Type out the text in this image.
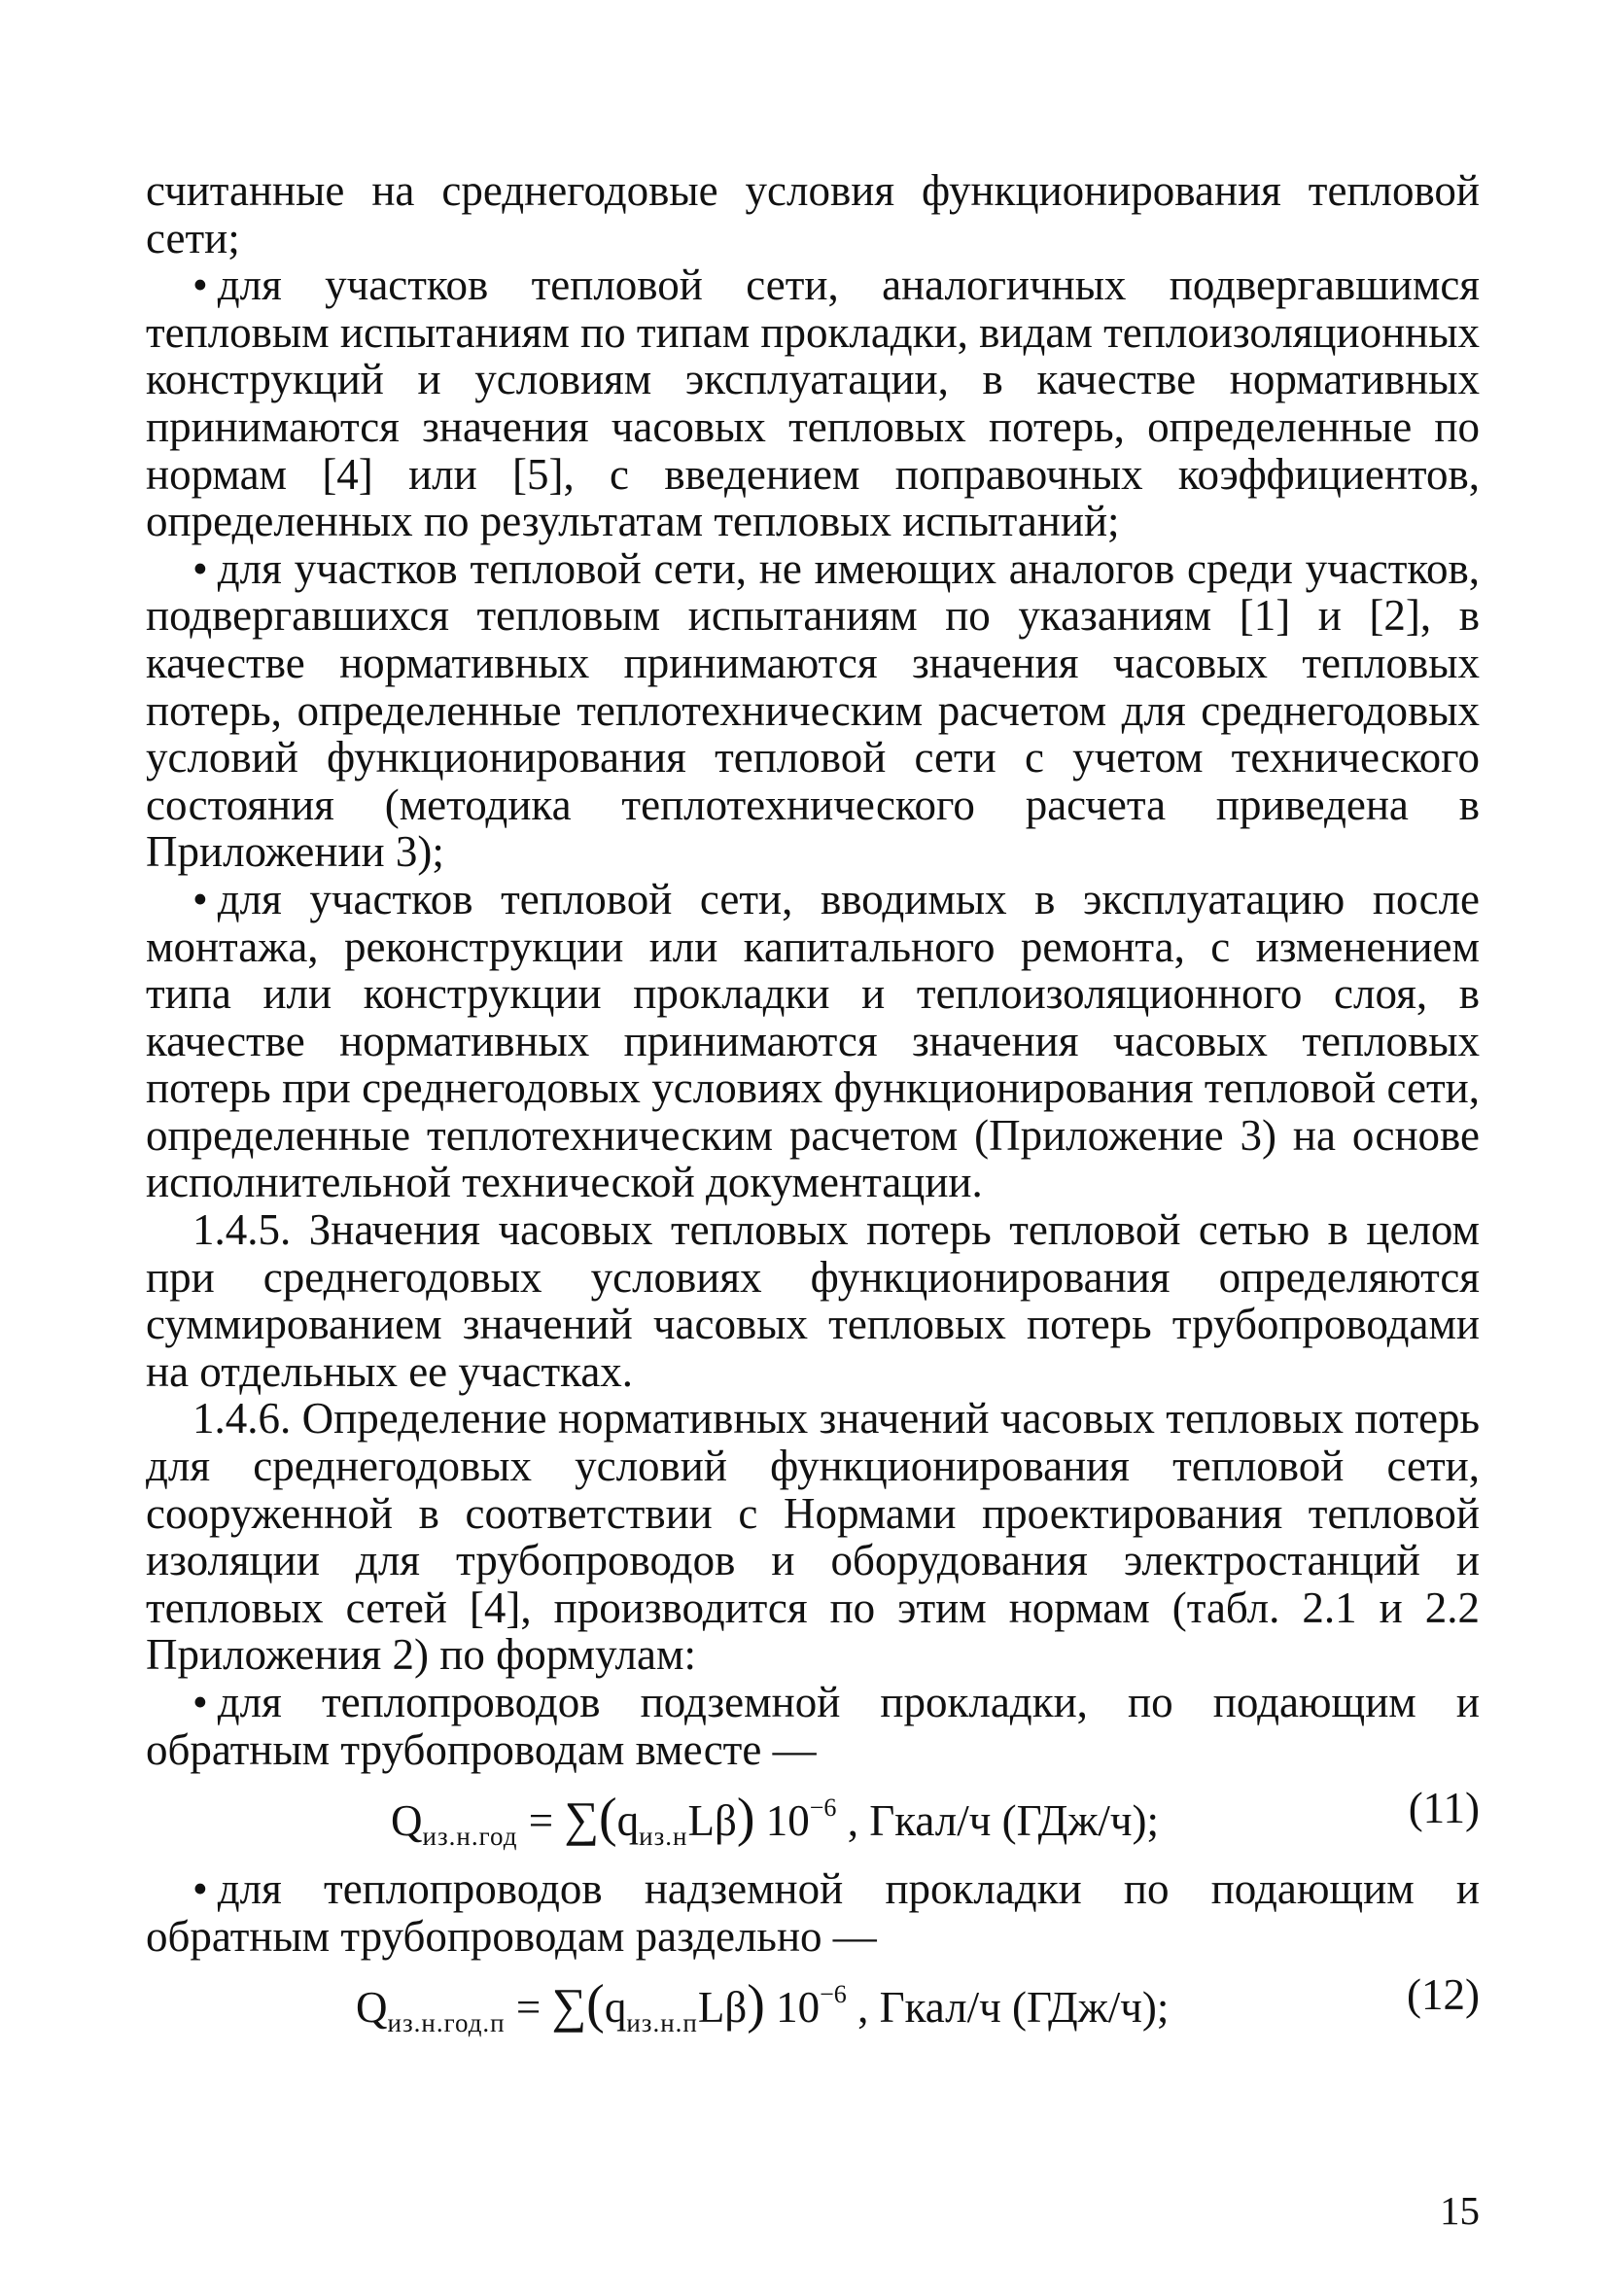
считанные на среднегодовые условия функционирования тепловой сети;

• для участков тепловой сети, аналогичных подвергавшимся тепловым испытаниям по типам прокладки, видам теплоизоляционных конструкций и условиям эксплуатации, в качестве нормативных принимаются значения часовых тепловых потерь, определенные по нормам [4] или [5], с введением поправочных коэффициентов, определенных по результатам тепловых испытаний;

• для участков тепловой сети, не имеющих аналогов среди участков, подвергавшихся тепловым испытаниям по указаниям [1] и [2], в качестве нормативных принимаются значения часовых тепловых потерь, определенные теплотехническим расчетом для среднегодовых условий функционирования тепловой сети с учетом технического состояния (методика теплотехнического расчета приведена в Приложении 3);

• для участков тепловой сети, вводимых в эксплуатацию после монтажа, реконструкции или капитального ремонта, с изменением типа или конструкции прокладки и теплоизоляционного слоя, в качестве нормативных принимаются значения часовых тепловых потерь при среднегодовых условиях функционирования тепловой сети, определенные теплотехническим расчетом (Приложение 3) на основе исполнительной технической документации.

1.4.5. Значения часовых тепловых потерь тепловой сетью в целом при среднегодовых условиях функционирования определяются суммированием значений часовых тепловых потерь трубопроводами на отдельных ее участках.

1.4.6. Определение нормативных значений часовых тепловых потерь для среднегодовых условий функционирования тепловой сети, сооруженной в соответствии с Нормами проектирования тепловой изоляции для трубопроводов и оборудования электростанций и тепловых сетей [4], производится по этим нормам (табл. 2.1 и 2.2 Приложения 2) по формулам:

• для теплопроводов подземной прокладки, по подающим и обратным трубопроводам вместе —

$Q_{из.н.год} = \sum(q_{из.н}L\beta)$ $10^{-6}$ , Гкал/ч (ГДж/ч);	(11)

• для теплопроводов надземной прокладки по подающим и обратным трубопроводам раздельно —

$Q_{из.н.год.п} = \sum(q_{из.н.п}L\beta)$ $10^{-6}$ , Гкал/ч (ГДж/ч);	(12)
15
